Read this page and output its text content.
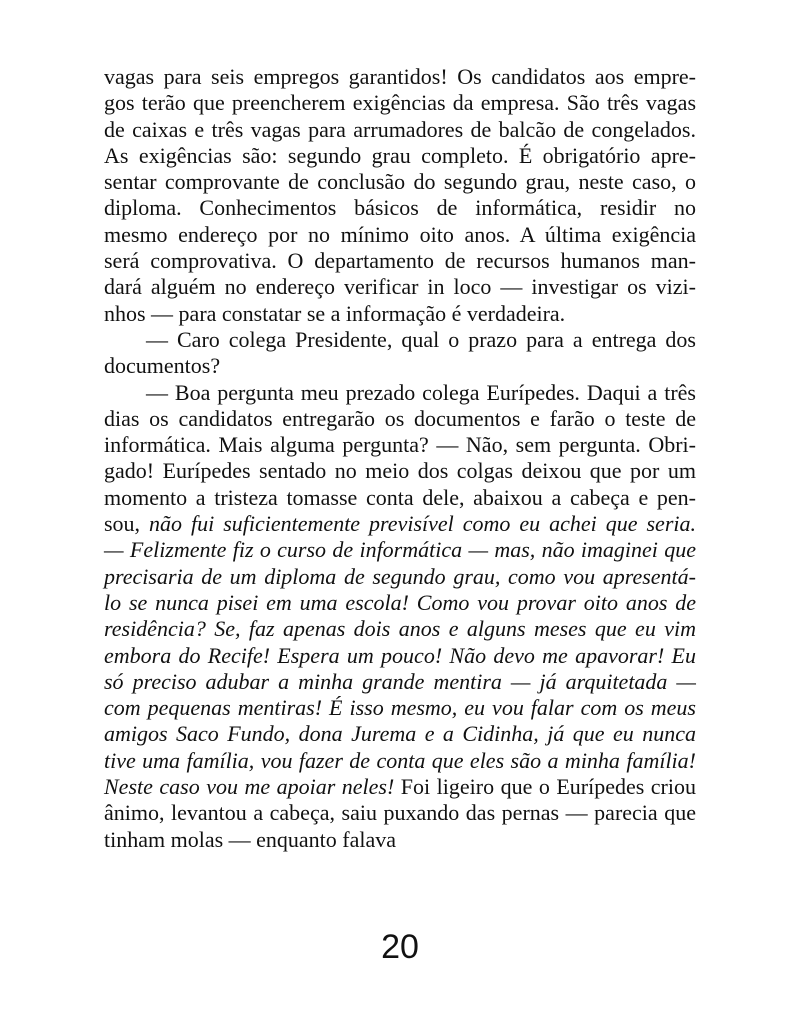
vagas para seis empregos garantidos! Os candidatos aos empre-
gos terão que preencherem exigências da empresa. São três vagas
de caixas e três vagas para arrumadores de balcão de congelados.
As exigências são: segundo grau completo. É obrigatório apre-
sentar comprovante de conclusão do segundo grau, neste caso, o
diploma. Conhecimentos básicos de informática, residir no
mesmo endereço por no mínimo oito anos. A última exigência
será comprovativa. O departamento de recursos humanos man-
dará alguém no endereço verificar in loco — investigar os vizi-
nhos — para constatar se a informação é verdadeira.
— Caro colega Presidente, qual o prazo para a entrega dos
documentos?
— Boa pergunta meu prezado colega Eurípedes. Daqui a três
dias os candidatos entregarão os documentos e farão o teste de
informática. Mais alguma pergunta? — Não, sem pergunta. Obri-
gado! Eurípedes sentado no meio dos colgas deixou que por um
momento a tristeza tomasse conta dele, abaixou a cabeça e pen-
sou, não fui suficientemente previsível como eu achei que seria.
— Felizmente fiz o curso de informática — mas, não imaginei que
precisaria de um diploma de segundo grau, como vou apresentá-
lo se nunca pisei em uma escola! Como vou provar oito anos de
residência? Se, faz apenas dois anos e alguns meses que eu vim
embora do Recife! Espera um pouco! Não devo me apavorar! Eu
só preciso adubar a minha grande mentira — já arquitetada —
com pequenas mentiras! É isso mesmo, eu vou falar com os meus
amigos Saco Fundo, dona Jurema e a Cidinha, já que eu nunca
tive uma família, vou fazer de conta que eles são a minha família!
Neste caso vou me apoiar neles! Foi ligeiro que o Eurípedes criou
ânimo, levantou a cabeça, saiu puxando das pernas — parecia que
tinham molas — enquanto falava
20
